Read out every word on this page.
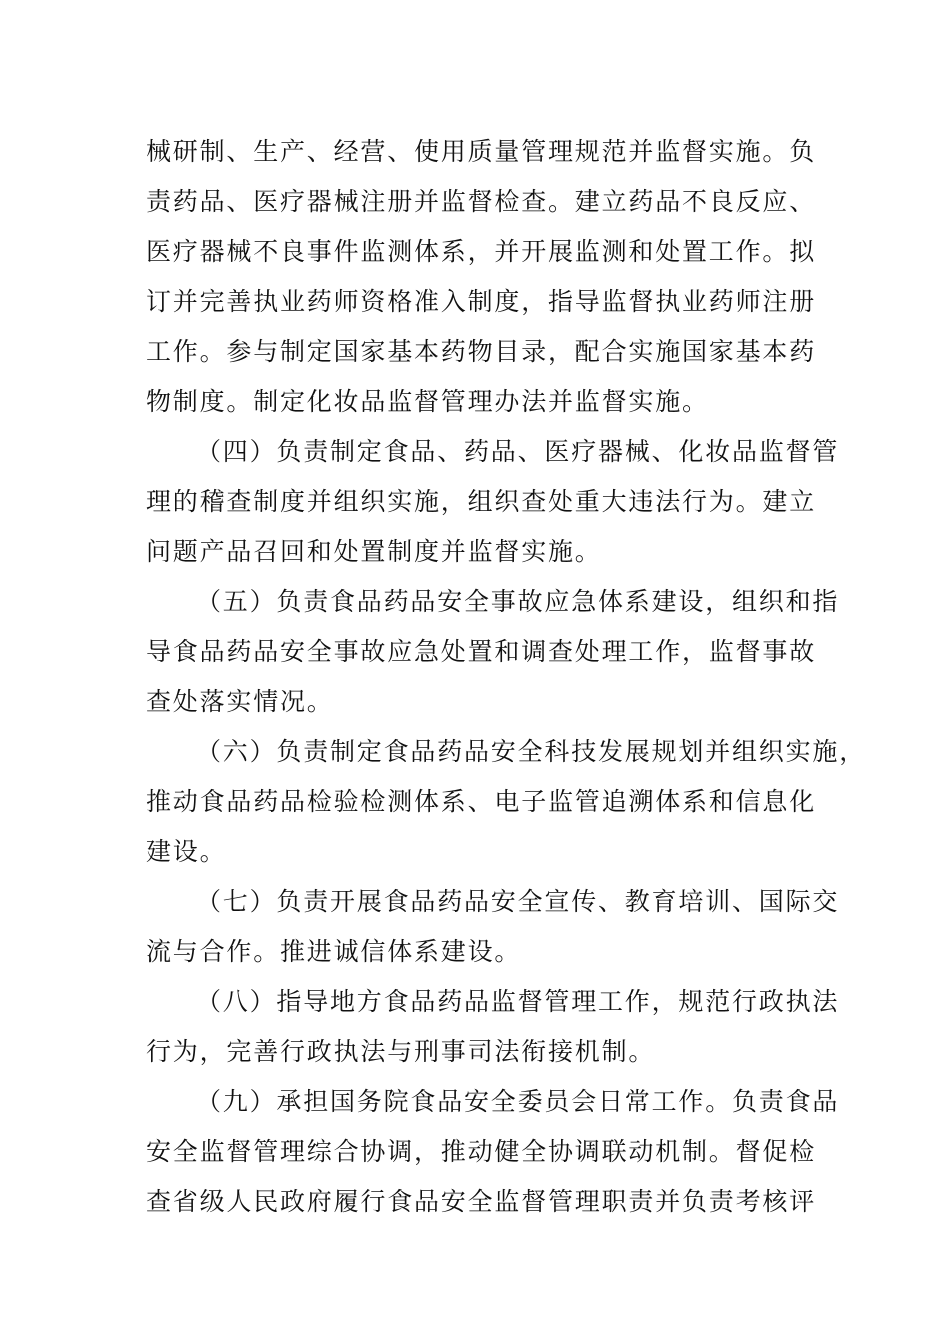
械研制、生产、经营、使用质量管理规范并监督实施。负
责药品、医疗器械注册并监督检查。建立药品不良反应、
医疗器械不良事件监测体系，并开展监测和处置工作。拟
订并完善执业药师资格准入制度，指导监督执业药师注册
工作。参与制定国家基本药物目录，配合实施国家基本药
物制度。制定化妆品监督管理办法并监督实施。
（四）负责制定食品、药品、医疗器械、化妆品监督管
理的稽查制度并组织实施，组织查处重大违法行为。建立
问题产品召回和处置制度并监督实施。
（五）负责食品药品安全事故应急体系建设，组织和指
导食品药品安全事故应急处置和调查处理工作，监督事故
查处落实情况。
（六）负责制定食品药品安全科技发展规划并组织实施，
推动食品药品检验检测体系、电子监管追溯体系和信息化
建设。
（七）负责开展食品药品安全宣传、教育培训、国际交
流与合作。推进诚信体系建设。
（八）指导地方食品药品监督管理工作，规范行政执法
行为，完善行政执法与刑事司法衔接机制。
（九）承担国务院食品安全委员会日常工作。负责食品
安全监督管理综合协调，推动健全协调联动机制。督促检
查省级人民政府履行食品安全监督管理职责并负责考核评
